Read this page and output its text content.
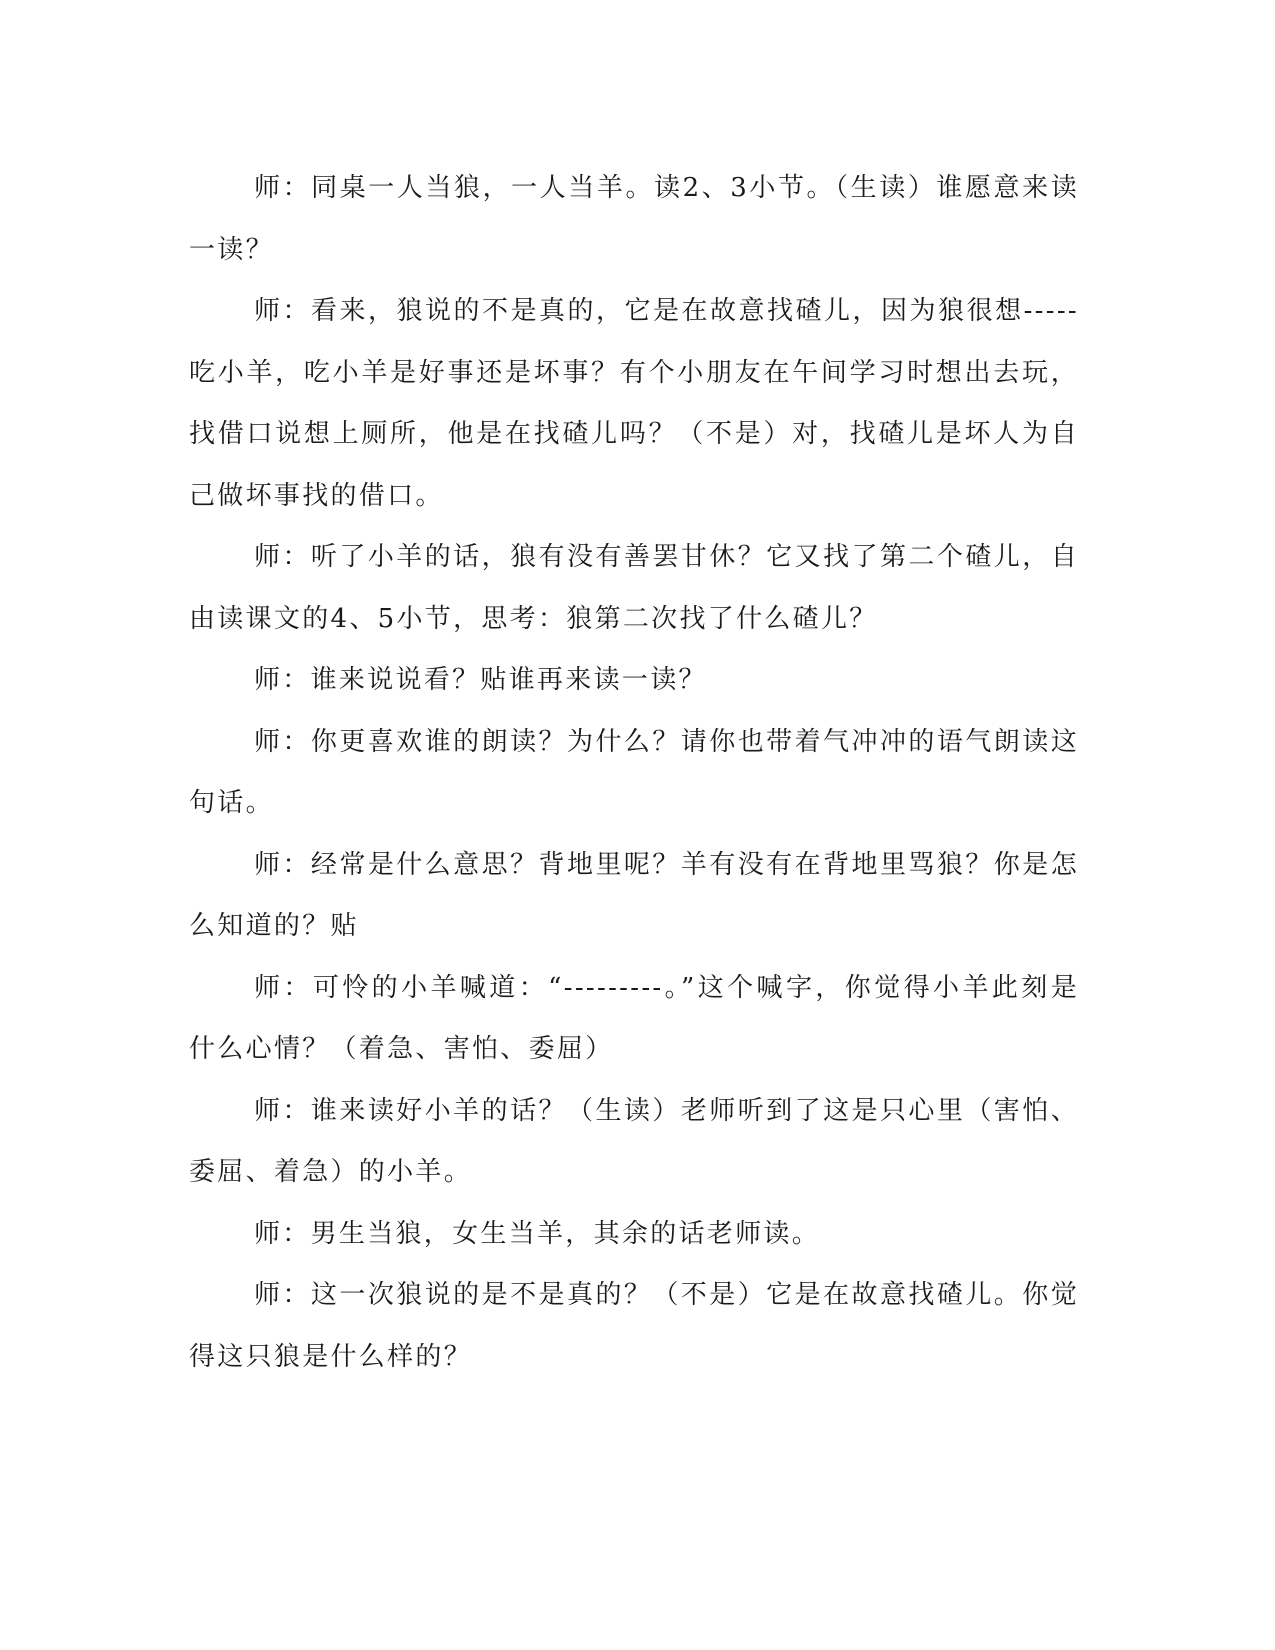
师：同桌一人当狼，一人当羊。读2、3小节。（生读）谁愿意来读一读？

师：看来，狼说的不是真的，它是在故意找碴儿，因为狼很想-----吃小羊，吃小羊是好事还是坏事？有个小朋友在午间学习时想出去玩，找借口说想上厕所，他是在找碴儿吗？（不是）对，找碴儿是坏人为自己做坏事找的借口。

师：听了小羊的话，狼有没有善罢甘休？它又找了第二个碴儿，自由读课文的4、5小节，思考：狼第二次找了什么碴儿？

师：谁来说说看？贴谁再来读一读？

师：你更喜欢谁的朗读？为什么？请你也带着气冲冲的语气朗读这句话。

师：经常是什么意思？背地里呢？羊有没有在背地里骂狼？你是怎么知道的？贴

师：可怜的小羊喊道：“---------。”这个喊字，你觉得小羊此刻是什么心情？（着急、害怕、委屈）

师：谁来读好小羊的话？（生读）老师听到了这是只心里（害怕、委屈、着急）的小羊。

师：男生当狼，女生当羊，其余的话老师读。

师：这一次狼说的是不是真的？（不是）它是在故意找碴儿。你觉得这只狼是什么样的？
